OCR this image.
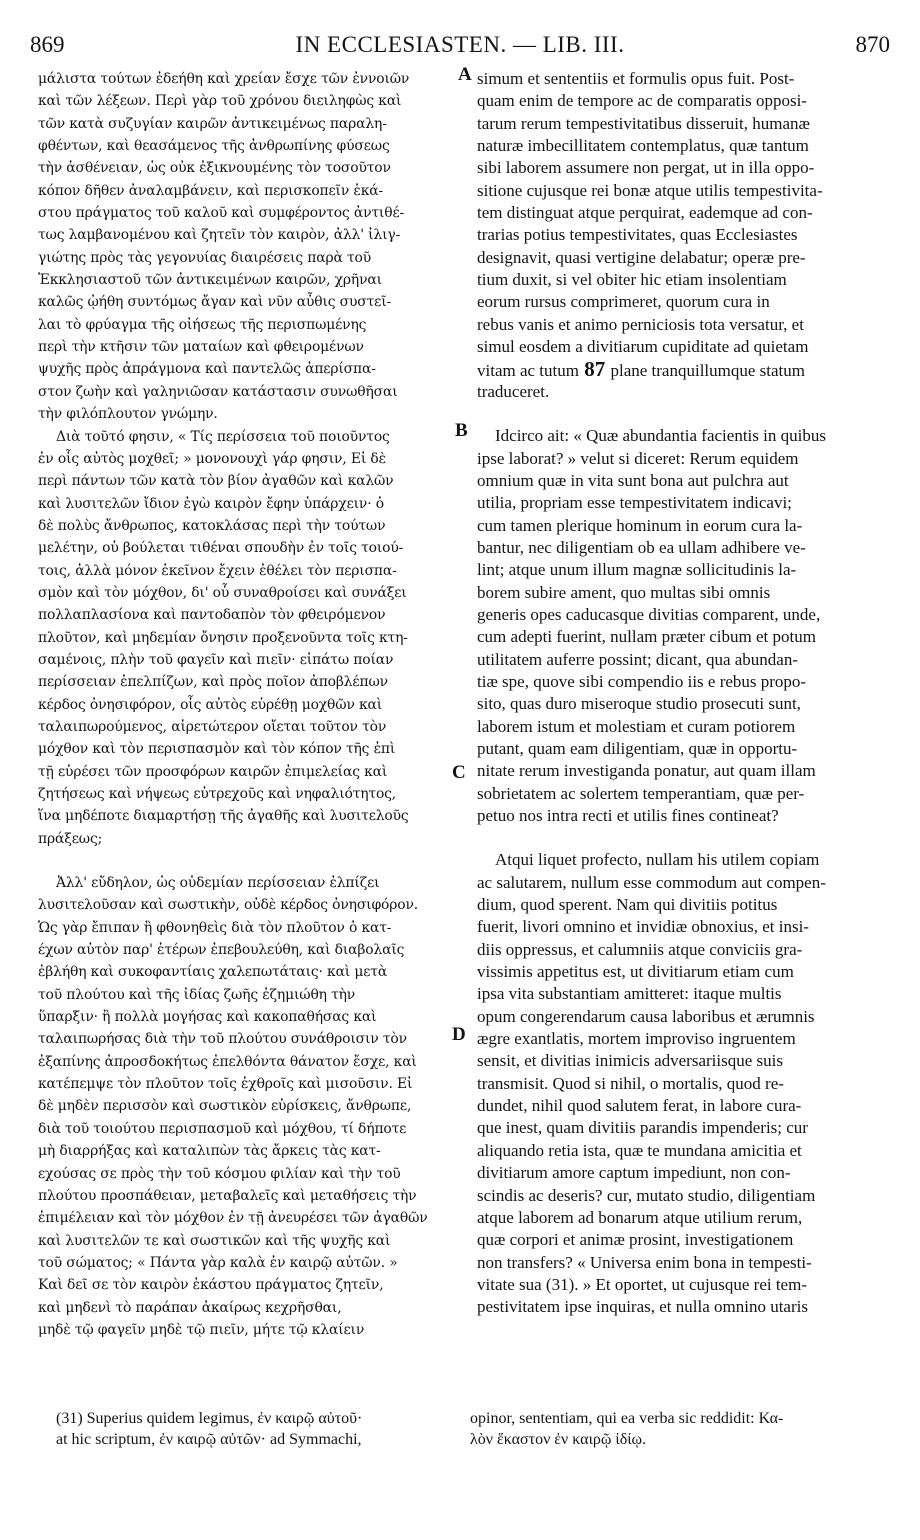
869	IN ECCLESIASTEN. — LIB. III.	870
A
B
C
D
μάλιστα τούτων ἐδεήθη καὶ χρείαν ἔσχε τῶν ἐννοιῶν
καὶ τῶν λέξεων. Περὶ γὰρ τοῦ χρόνου διειληφὼς καὶ
τῶν κατὰ συζυγίαν καιρῶν ἀντικειμένως παραλη-
φθέντων, καὶ θεασάμενος τῆς ἀνθρωπίνης φύσεως
τὴν ἀσθένειαν, ὡς οὐκ ἐξικνουμένης τὸν τοσοῦτον
κόπον δῆθεν ἀναλαμβάνειν, καὶ περισκοπεῖν ἑκά-
στου πράγματος τοῦ καλοῦ καὶ συμφέροντος ἀντιθέ-
τως λαμβανομένου καὶ ζητεῖν τὸν καιρὸν, ἀλλ' ἰλιγ-
γιώτης πρὸς τὰς γεγονυίας διαιρέσεις παρὰ τοῦ
Ἐκκλησιαστοῦ τῶν ἀντικειμένων καιρῶν, χρῆναι
καλῶς ᾠήθη συντόμως ἄγαν καὶ νῦν αὖθις συστεῖ-
λαι τὸ φρύαγμα τῆς οἰήσεως τῆς περισπωμένης
περὶ τὴν κτῆσιν τῶν ματαίων καὶ φθειρομένων
ψυχῆς πρὸς ἀπράγμονα καὶ παντελῶς ἀπερίσπα-
στον ζωὴν καὶ γαληνιῶσαν κατάστασιν συνωθῆσαι
τὴν φιλόπλουτον γνώμην.
Διὰ τοῦτό φησιν, « Τίς περίσσεια τοῦ ποιοῦντος
ἐν οἷς αὐτὸς μοχθεῖ; » μονονουχὶ γάρ φησιν, Εἰ δὲ
περὶ πάντων τῶν κατὰ τὸν βίον ἀγαθῶν καὶ καλῶν
καὶ λυσιτελῶν ἴδιον ἐγὼ καιρὸν ἔφην ὑπάρχειν· ὁ
δὲ πολὺς ἄνθρωπος, κατοκλάσας περὶ τὴν τούτων
μελέτην, οὐ βούλεται τιθέναι σπουδὴν ἐν τοῖς τοιού-
τοις, ἀλλὰ μόνον ἐκεῖνον ἔχειν ἐθέλει τὸν περισπα-
σμὸν καὶ τὸν μόχθον, δι' οὗ συναθροίσει καὶ συνάξει
πολλαπλασίονα καὶ παντοδαπὸν τὸν φθειρόμενον
πλοῦτον, καὶ μηδεμίαν ὄνησιν προξενοῦντα τοῖς κτη-
σαμένοις, πλὴν τοῦ φαγεῖν καὶ πιεῖν· εἰπάτω ποίαν
περίσσειαν ἐπελπίζων, καὶ πρὸς ποῖον ἀποβλέπων
κέρδος ὀνησιφόρον, οἷς αὐτὸς εὑρέθῃ μοχθῶν καὶ
ταλαιπωρούμενος, αἱρετώτερον οἴεται τοῦτον τὸν
μόχθον καὶ τὸν περισπασμὸν καὶ τὸν κόπον τῆς ἐπὶ
τῇ εὑρέσει τῶν προσφόρων καιρῶν ἐπιμελείας καὶ
ζητήσεως καὶ νήψεως εὐτρεχοῦς καὶ νηφαλιότητος,
ἵνα μηδέποτε διαμαρτήσῃ τῆς ἀγαθῆς καὶ λυσιτελοῦς
πράξεως;
Ἀλλ' εὔδηλον, ὡς οὐδεμίαν περίσσειαν ἐλπίζει
λυσιτελοῦσαν καὶ σωστικὴν, οὐδὲ κέρδος ὀνησιφόρον.
Ὡς γὰρ ἔπιπαν ἢ φθονηθεὶς διὰ τὸν πλοῦτον ὁ κατ-
έχων αὐτὸν παρ' ἑτέρων ἐπεβουλεύθη, καὶ διαβολαῖς
ἐβλήθη καὶ συκοφαντίαις χαλεπωτάταις· καὶ μετὰ
τοῦ πλούτου καὶ τῆς ἰδίας ζωῆς ἐζημιώθη τὴν
ὕπαρξιν· ἢ πολλὰ μογήσας καὶ κακοπαθήσας καὶ
ταλαιπωρήσας διὰ τὴν τοῦ πλούτου συνάθροισιν τὸν
ἐξαπίνης ἀπροσδοκήτως ἐπελθόντα θάνατον ἔσχε, καὶ
κατέπεμψε τὸν πλοῦτον τοῖς ἐχθροῖς καὶ μισοῦσιν. Εἰ
δὲ μηδὲν περισσὸν καὶ σωστικὸν εὑρίσκεις, ἄνθρωπε,
διὰ τοῦ τοιούτου περισπασμοῦ καὶ μόχθου, τί δήποτε
μὴ διαρρήξας καὶ καταλιπὼν τὰς ἄρκεις τὰς κατ-
εχούσας σε πρὸς τὴν τοῦ κόσμου φιλίαν καὶ τὴν τοῦ
πλούτου προσπάθειαν, μεταβαλεῖς καὶ μεταθήσεις τὴν
ἐπιμέλειαν καὶ τὸν μόχθον ἐν τῇ ἀνευρέσει τῶν ἀγαθῶν
καὶ λυσιτελῶν τε καὶ σωστικῶν καὶ τῆς ψυχῆς καὶ
τοῦ σώματος; « Πάντα γὰρ καλὰ ἐν καιρῷ αὐτῶν. »
Καὶ δεῖ σε τὸν καιρὸν ἑκάστου πράγματος ζητεῖν,
καὶ μηδενὶ τὸ παράπαν ἀκαίρως κεχρῆσθαι,
μηδὲ τῷ φαγεῖν μηδὲ τῷ πιεῖν, μήτε τῷ κλαίειν
simum et sententiis et formulis opus fuit. Post-
quam enim de tempore ac de comparatis opposi-
tarum rerum tempestivitatibus disseruit, humanæ
naturæ imbecillitatem contemplatus, quæ tantum
sibi laborem assumere non pergat, ut in illa oppo-
sitione cujusque rei bonæ atque utilis tempestivita-
tem distinguat atque perquirat, eademque ad con-
trarias potius tempestivitates, quas Ecclesiastes
designavit, quasi vertigine delabatur; operæ pre-
tium duxit, si vel obiter hic etiam insolentiam
eorum rursus comprimeret, quorum cura in
rebus vanis et animo perniciosis tota versatur, et
simul eosdem a divitiarum cupiditate ad quietam
vitam ac tutum 87 plane tranquillumque statum
traduceret.
Idcirco ait: « Quæ abundantia facientis in quibus
ipse laborat? » velut si diceret: Rerum equidem
omnium quæ in vita sunt bona aut pulchra aut
utilia, propriam esse tempestivitatem indicavi;
cum tamen plerique hominum in eorum cura la-
bantur, nec diligentiam ob ea ullam adhibere ve-
lint; atque unum illum magnæ sollicitudinis la-
borem subire ament, quo multas sibi omnis
generis opes caducasque divitias comparent, unde,
cum adepti fuerint, nullam præter cibum et potum
utilitatem auferre possint; dicant, qua abundan-
tiæ spe, quove sibi compendio iis e rebus propo-
sito, quas duro miseroque studio prosecuti sunt,
laborem istum et molestiam et curam potiorem
putant, quam eam diligentiam, quæ in opportu-
nitate rerum investiganda ponatur, aut quam illam
sobrietatem ac solertem temperantiam, quæ per-
petuo nos intra recti et utilis fines contineat?
Atqui liquet profecto, nullam his utilem copiam
ac salutarem, nullum esse commodum aut compen-
dium, quod sperent. Nam qui divitiis potitus
fuerit, livori omnino et invidiæ obnoxius, et insi-
diis oppressus, et calumniis atque conviciis gra-
vissimis appetitus est, ut divitiarum etiam cum
ipsa vita substantiam amitteret: itaque multis
opum congerendarum causa laboribus et ærumnis
ægre exantlatis, mortem improviso ingruentem
sensit, et divitias inimicis adversariisque suis
transmisit. Quod si nihil, o mortalis, quod re-
dundet, nihil quod salutem ferat, in labore cura-
que inest, quam divitiis parandis impenderis; cur
aliquando retia ista, quæ te mundana amicitia et
divitiarum amore captum impediunt, non con-
scindis ac deseris? cur, mutato studio, diligentiam
atque laborem ad bonarum atque utilium rerum,
quæ corpori et animæ prosint, investigationem
non transfers? « Universa enim bona in tempesti-
vitate sua (31). » Et oportet, ut cujusque rei tem-
pestivitatem ipse inquiras, et nulla omnino utaris
(31) Superius quidem legimus, ἐν καιρῷ αὐτοῦ·
at hic scriptum, ἐν καιρῷ αὐτῶν· ad Symmachi,
opinor, sententiam, qui ea verba sic reddidit: Κα-
λὸν ἕκαστον ἐν καιρῷ ἰδίῳ.
